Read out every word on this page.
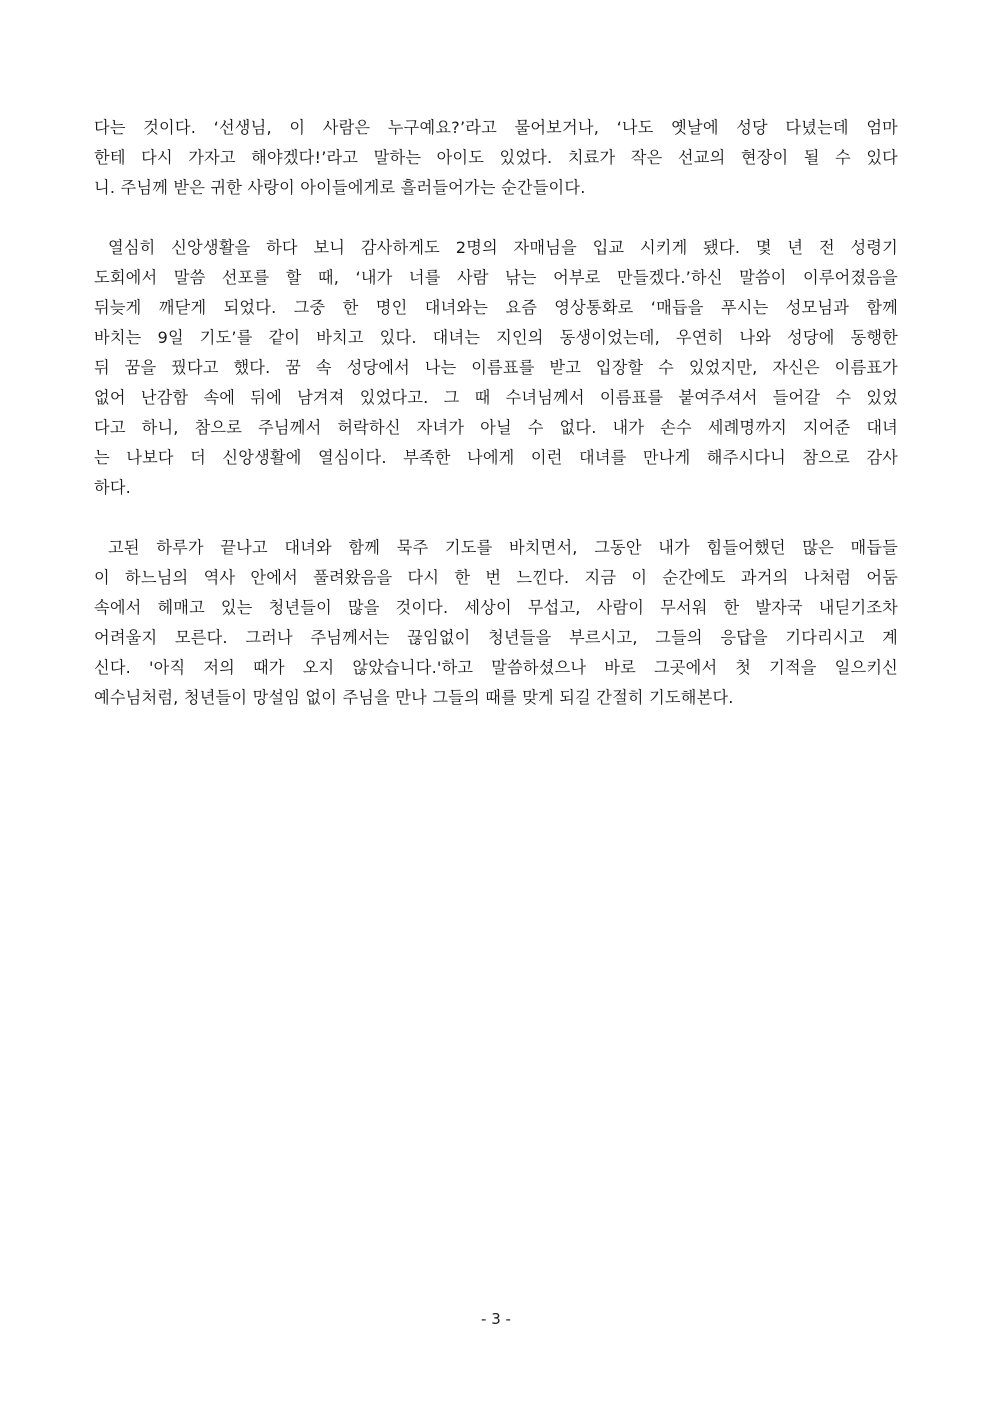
다는 것이다. ‘선생님, 이 사람은 누구예요?’라고 물어보거나, ‘나도 옛날에 성당 다녔는데 엄마
한테 다시 가자고 해야겠다!’라고 말하는 아이도 있었다. 치료가 작은 선교의 현장이 될 수 있다
니. 주님께 받은 귀한 사랑이 아이들에게로 흘러들어가는 순간들이다.
열심히 신앙생활을 하다 보니 감사하게도 2명의 자매님을 입교 시키게 됐다. 몇 년 전 성령기
도회에서 말씀 선포를 할 때, ‘내가 너를 사람 낚는 어부로 만들겠다.’하신 말씀이 이루어졌음을
뒤늦게 깨닫게 되었다. 그중 한 명인 대녀와는 요즘 영상통화로 ‘매듭을 푸시는 성모님과 함께
바치는 9일 기도’를 같이 바치고 있다. 대녀는 지인의 동생이었는데, 우연히 나와 성당에 동행한
뒤 꿈을 꿨다고 했다. 꿈 속 성당에서 나는 이름표를 받고 입장할 수 있었지만, 자신은 이름표가
없어 난감함 속에 뒤에 남겨져 있었다고. 그 때 수녀님께서 이름표를 붙여주셔서 들어갈 수 있었
다고 하니, 참으로 주님께서 허락하신 자녀가 아닐 수 없다. 내가 손수 세례명까지 지어준 대녀
는 나보다 더 신앙생활에 열심이다. 부족한 나에게 이런 대녀를 만나게 해주시다니 참으로 감사
하다.
고된 하루가 끝나고 대녀와 함께 묵주 기도를 바치면서, 그동안 내가 힘들어했던 많은 매듭들
이 하느님의 역사 안에서 풀려왔음을 다시 한 번 느낀다. 지금 이 순간에도 과거의 나처럼 어둠
속에서 헤매고 있는 청년들이 많을 것이다. 세상이 무섭고, 사람이 무서워 한 발자국 내딛기조차
어려울지 모른다. 그러나 주님께서는 끊임없이 청년들을 부르시고, 그들의 응답을 기다리시고 계
신다. '아직 저의 때가 오지 않았습니다.'하고 말씀하셨으나 바로 그곳에서 첫 기적을 일으키신
예수님처럼, 청년들이 망설임 없이 주님을 만나 그들의 때를 맞게 되길 간절히 기도해본다.
- 3 -
